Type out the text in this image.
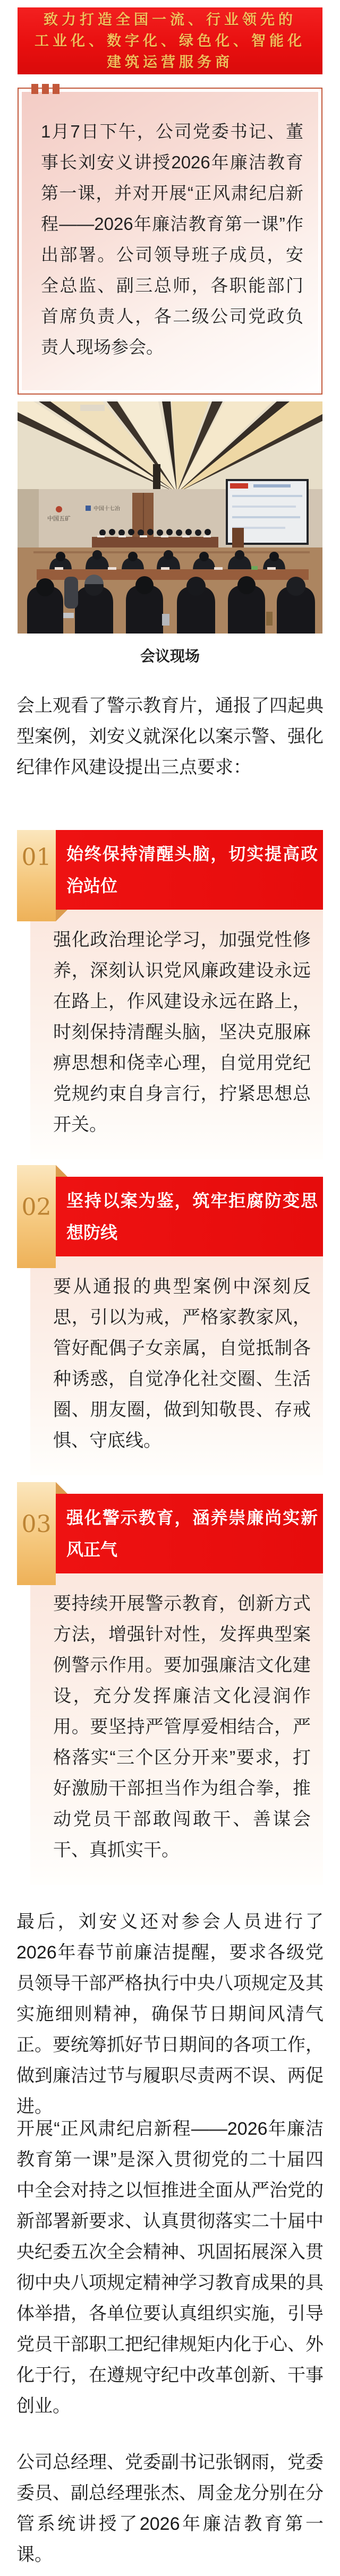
致力打造全国一流、行业领先的
工业化、数字化、绿色化、智能化
建筑运营服务商
1月7日下午，公司党委书记、董事长刘安义讲授2026年廉洁教育第一课，并对开展“正风肃纪启新程——2026年廉洁教育第一课”作出部署。公司领导班子成员，安全总监、副三总师，各职能部门首席负责人，各二级公司党政负责人现场参会。
中国五矿
中国十七冶
会议现场
会上观看了警示教育片，通报了四起典型案例，刘安义就深化以案示警、强化纪律作风建设提出三点要求：
01 始终保持清醒头脑，切实提高政治站位
强化政治理论学习，加强党性修养，深刻认识党风廉政建设永远在路上，作风建设永远在路上，时刻保持清醒头脑，坚决克服麻痹思想和侥幸心理，自觉用党纪党规约束自身言行，拧紧思想总开关。
02 坚持以案为鉴，筑牢拒腐防变思想防线
要从通报的典型案例中深刻反思，引以为戒，严格家教家风，管好配偶子女亲属，自觉抵制各种诱惑，自觉净化社交圈、生活圈、朋友圈，做到知敬畏、存戒惧、守底线。
03 强化警示教育，涵养崇廉尚实新风正气
要持续开展警示教育，创新方式方法，增强针对性，发挥典型案例警示作用。要加强廉洁文化建设，充分发挥廉洁文化浸润作用。要坚持严管厚爱相结合，严格落实“三个区分开来”要求，打好激励干部担当作为组合拳，推动党员干部敢闯敢干、善谋会干、真抓实干。
最后，刘安义还对参会人员进行了2026年春节前廉洁提醒，要求各级党员领导干部严格执行中央八项规定及其实施细则精神，确保节日期间风清气正。要统筹抓好节日期间的各项工作，做到廉洁过节与履职尽责两不误、两促进。
开展“正风肃纪启新程——2026年廉洁教育第一课”是深入贯彻党的二十届四中全会对持之以恒推进全面从严治党的新部署新要求、认真贯彻落实二十届中央纪委五次全会精神、巩固拓展深入贯彻中央八项规定精神学习教育成果的具体举措，各单位要认真组织实施，引导党员干部职工把纪律规矩内化于心、外化于行，在遵规守纪中改革创新、干事创业。
公司总经理、党委副书记张钢雨，党委委员、副总经理张杰、周金龙分别在分管系统讲授了2026年廉洁教育第一课。
